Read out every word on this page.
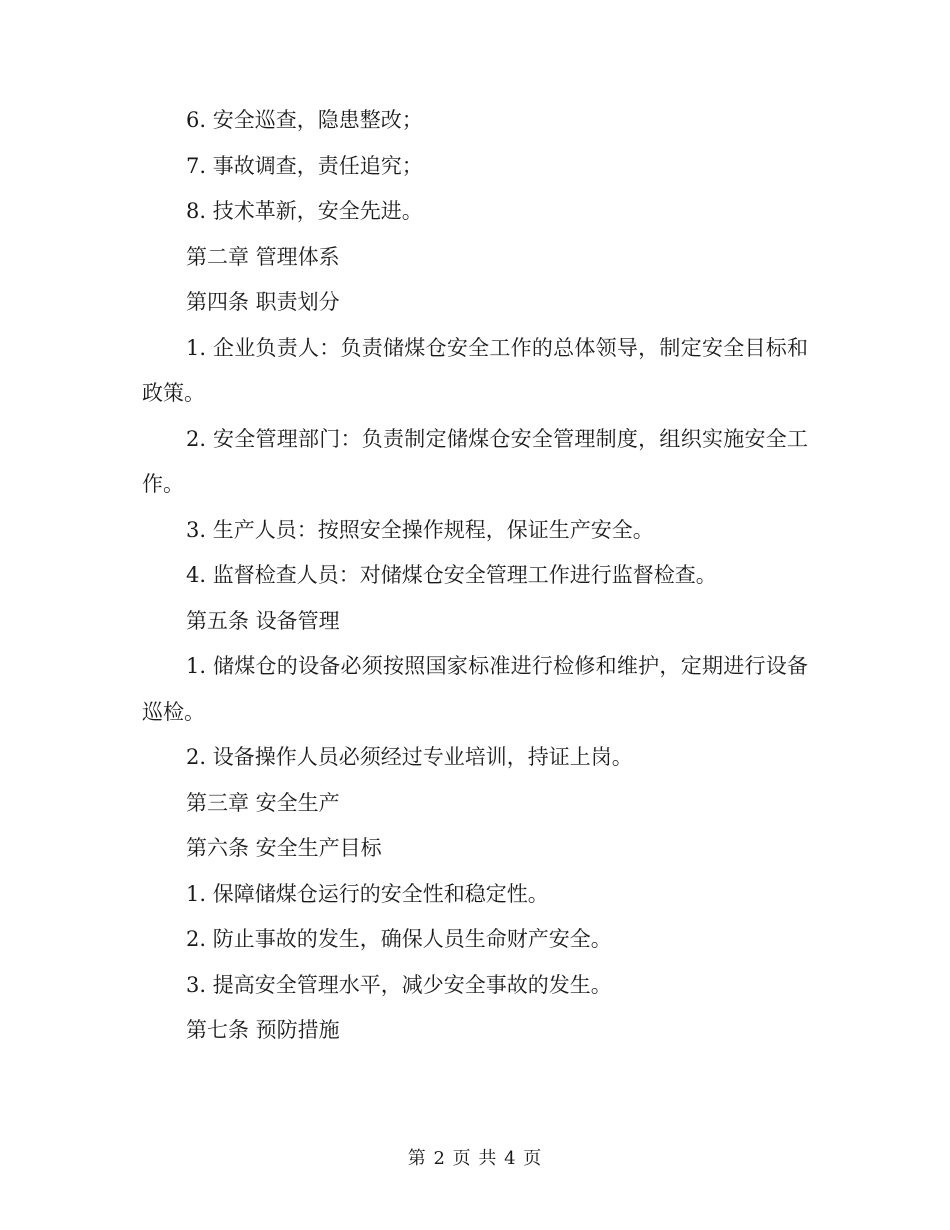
6. 安全巡查，隐患整改；

7. 事故调查，责任追究；

8. 技术革新，安全先进。

第二章 管理体系

第四条 职责划分

1. 企业负责人：负责储煤仓安全工作的总体领导，制定安全目标和政策。

2. 安全管理部门：负责制定储煤仓安全管理制度，组织实施安全工作。

3. 生产人员：按照安全操作规程，保证生产安全。

4. 监督检查人员：对储煤仓安全管理工作进行监督检查。

第五条 设备管理

1. 储煤仓的设备必须按照国家标准进行检修和维护，定期进行设备巡检。

2. 设备操作人员必须经过专业培训，持证上岗。

第三章 安全生产

第六条 安全生产目标

1. 保障储煤仓运行的安全性和稳定性。

2. 防止事故的发生，确保人员生命财产安全。

3. 提高安全管理水平，减少安全事故的发生。

第七条 预防措施

第 2 页 共 4 页
